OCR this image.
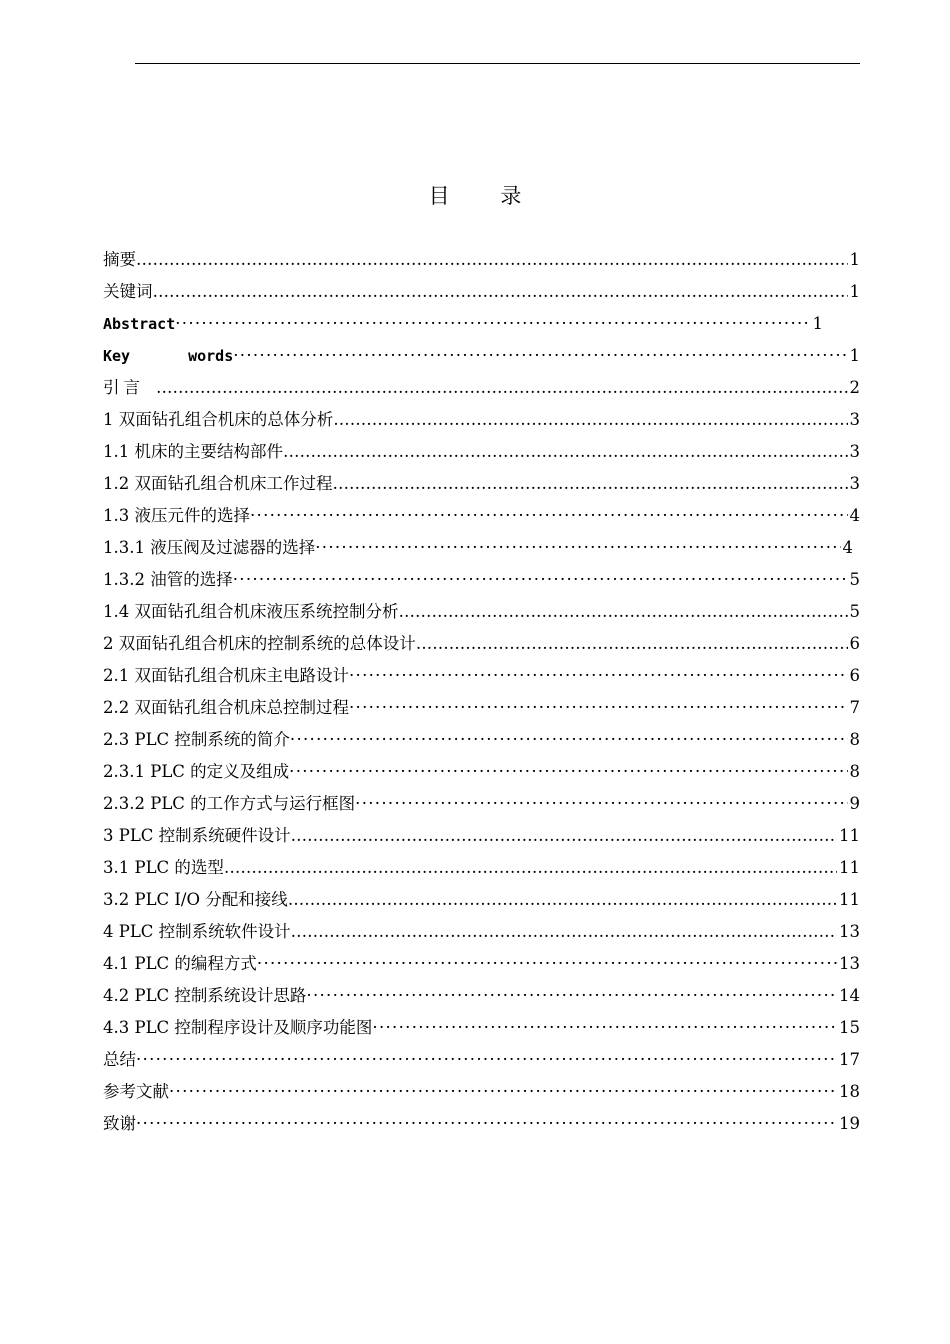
目 录
摘要 …………………………………………………………………………………………………………………………………………………………………………………………	1
关键词 …………………………………………………………………………………………………………………………………………………………………………………………	1
Abstract ·····	1
Key	words ·····	1
引言 …………………………………………………………………………………………………………………………………………………………………………………………	2
1 双面钻孔组合机床的总体分析 …………………………………………………………………………………………………………………………………………………………………………………………	3
1.1 机床的主要结构部件 …………………………………………………………………………………………………………………………………………………………………………………………	3
1.2 双面钻孔组合机床工作过程 …………………………………………………………………………………………………………………………………………………………………………………………	3
1.3 液压元件的选择 ·····	4
1.3.1 液压阀及过滤器的选择 ·····	4
1.3.2 油管的选择 ·····	5
1.4 双面钻孔组合机床液压系统控制分析 …………………………………………………………………………………………………………………………………………………………………………………………	5
2 双面钻孔组合机床的控制系统的总体设计 …………………………………………………………………………………………………………………………………………………………………………………………	6
2.1 双面钻孔组合机床主电路设计 ·····	6
2.2 双面钻孔组合机床总控制过程 ·····	7
2.3 PLC 控制系统的简介 ·····	8
2.3.1 PLC 的定义及组成 ·····	8
2.3.2 PLC 的工作方式与运行框图 ·····	9
3 PLC 控制系统硬件设计 …………………………………………………………………………………………………………………………………………………………………………………………	11
3.1 PLC 的选型 …………………………………………………………………………………………………………………………………………………………………………………………	11
3.2 PLC I/O 分配和接线 …………………………………………………………………………………………………………………………………………………………………………………………	11
4 PLC 控制系统软件设计 …………………………………………………………………………………………………………………………………………………………………………………………	13
4.1 PLC 的编程方式 ·····	13
4.2 PLC 控制系统设计思路 ·····	14
4.3 PLC 控制程序设计及顺序功能图 ·····	15
总结 ·····	17
参考文献 ·····	18
致谢 ·····	19
